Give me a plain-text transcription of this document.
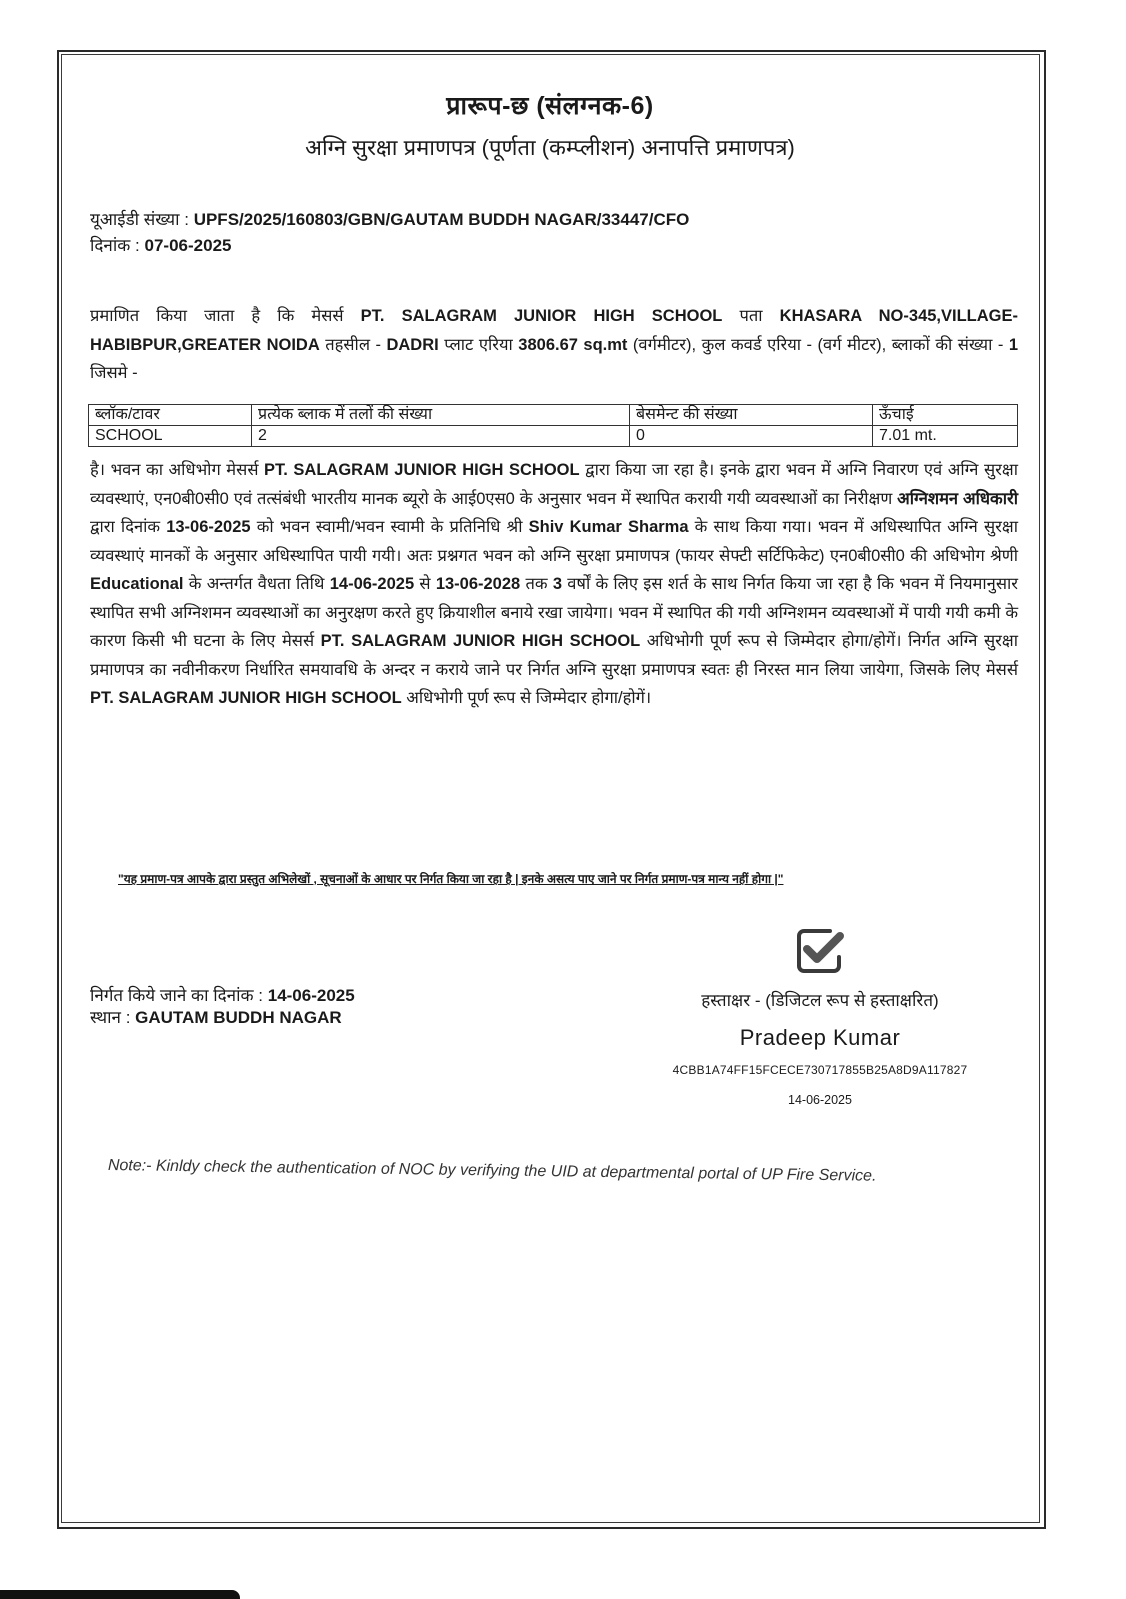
प्रारूप-छ (संलग्नक-6)
अग्नि सुरक्षा प्रमाणपत्र (पूर्णता (कम्प्लीशन) अनापत्ति प्रमाणपत्र)
यूआईडी संख्या : UPFS/2025/160803/GBN/GAUTAM BUDDH NAGAR/33447/CFO
दिनांक : 07-06-2025
प्रमाणित किया जाता है कि मेसर्स PT. SALAGRAM JUNIOR HIGH SCHOOL पता KHASARA NO-345,VILLAGE-HABIBPUR,GREATER NOIDA तहसील - DADRI प्लाट एरिया 3806.67 sq.mt (वर्गमीटर), कुल कवर्ड एरिया - (वर्ग मीटर), ब्लाकों की संख्या - 1 जिसमे -
ब्लॉक/टावर	प्रत्येक ब्लाक में तलों की संख्या	बेसमेन्ट की संख्या	ऊँचाई
SCHOOL	2	0	7.01 mt.
है। भवन का अधिभोग मेसर्स PT. SALAGRAM JUNIOR HIGH SCHOOL द्वारा किया जा रहा है। इनके द्वारा भवन में अग्नि निवारण एवं अग्नि सुरक्षा व्यवस्थाएं, एन0बी0सी0 एवं तत्संबंधी भारतीय मानक ब्यूरो के आई0एस0 के अनुसार भवन में स्थापित करायी गयी व्यवस्थाओं का निरीक्षण अग्निशमन अधिकारी द्वारा दिनांक 13-06-2025 को भवन स्वामी/भवन स्वामी के प्रतिनिधि श्री Shiv Kumar Sharma के साथ किया गया। भवन में अधिस्थापित अग्नि सुरक्षा व्यवस्थाएं मानकों के अनुसार अधिस्थापित पायी गयी। अतः प्रश्नगत भवन को अग्नि सुरक्षा प्रमाणपत्र (फायर सेफ्टी सर्टिफिकेट) एन0बी0सी0 की अधिभोग श्रेणी Educational के अन्तर्गत वैधता तिथि 14-06-2025 से 13-06-2028 तक 3 वर्षों के लिए इस शर्त के साथ निर्गत किया जा रहा है कि भवन में नियमानुसार स्थापित सभी अग्निशमन व्यवस्थाओं का अनुरक्षण करते हुए क्रियाशील बनाये रखा जायेगा। भवन में स्थापित की गयी अग्निशमन व्यवस्थाओं में पायी गयी कमी के कारण किसी भी घटना के लिए मेसर्स PT. SALAGRAM JUNIOR HIGH SCHOOL अधिभोगी पूर्ण रूप से जिम्मेदार होगा/होगें। निर्गत अग्नि सुरक्षा प्रमाणपत्र का नवीनीकरण निर्धारित समयावधि के अन्दर न कराये जाने पर निर्गत अग्नि सुरक्षा प्रमाणपत्र स्वतः ही निरस्त मान लिया जायेगा, जिसके लिए मेसर्स PT. SALAGRAM JUNIOR HIGH SCHOOL अधिभोगी पूर्ण रूप से जिम्मेदार होगा/होगें।
"यह प्रमाण-पत्र आपके द्वारा प्रस्तुत अभिलेखों , सूचनाओं के आधार पर निर्गत किया जा रहा है | इनके असत्य पाए जाने पर निर्गत प्रमाण-पत्र मान्य नहीं होगा |"
निर्गत किये जाने का दिनांक : 14-06-2025
स्थान : GAUTAM BUDDH NAGAR
हस्ताक्षर - (डिजिटल रूप से हस्ताक्षरित)
Pradeep Kumar
4CBB1A74FF15FCECE730717855B25A8D9A117827
14-06-2025
Note:- Kinldy check the authentication of NOC by verifying the UID at departmental portal of UP Fire Service.
